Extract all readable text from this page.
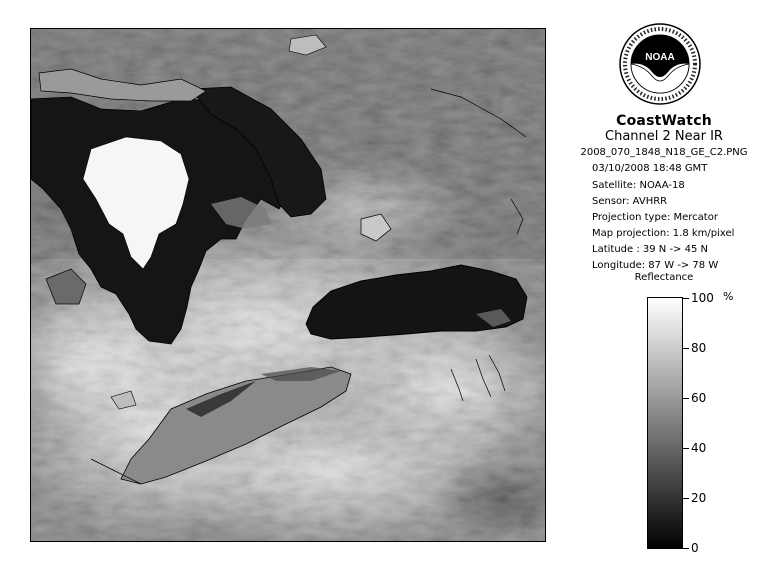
NOAA
CoastWatch
Channel 2 Near IR
2008_070_1848_N18_GE_C2.PNG
03/10/2008 18:48 GMT
Satellite: NOAA-18
Sensor: AVHRR
Projection type: Mercator
Map projection: 1.8 km/pixel
Latitude : 39 N -> 45 N
Longitude: 87 W -> 78 W
Reflectance
%
100
80
60
40
20
0
